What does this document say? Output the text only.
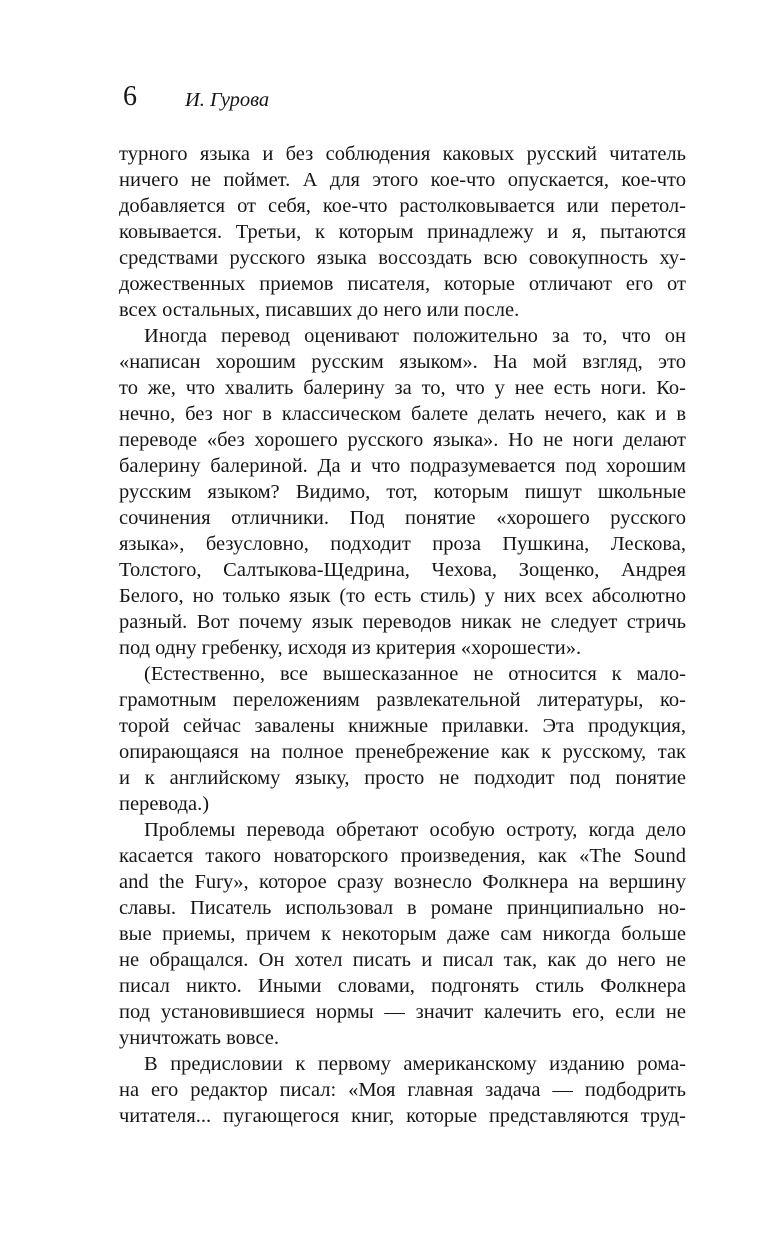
6 И. Гурова
турного языка и без соблюдения каковых русский читатель
ничего не поймет. А для этого кое-что опускается, кое-что
добавляется от себя, кое-что растолковывается или перетол-
ковывается. Третьи, к которым принадлежу и я, пытаются
средствами русского языка воссоздать всю совокупность ху-
дожественных приемов писателя, которые отличают его от
всех остальных, писавших до него или после.
Иногда перевод оценивают положительно за то, что он
«написан хорошим русским языком». На мой взгляд, это
то же, что хвалить балерину за то, что у нее есть ноги. Ко-
нечно, без ног в классическом балете делать нечего, как и в
переводе «без хорошего русского языка». Но не ноги делают
балерину балериной. Да и что подразумевается под хорошим
русским языком? Видимо, тот, которым пишут школьные
сочинения отличники. Под понятие «хорошего русского
языка», безусловно, подходит проза Пушкина, Лескова,
Толстого, Салтыкова-Щедрина, Чехова, Зощенко, Андрея
Белого, но только язык (то есть стиль) у них всех абсолютно
разный. Вот почему язык переводов никак не следует стричь
под одну гребенку, исходя из критерия «хорошести».
(Естественно, все вышесказанное не относится к мало-
грамотным переложениям развлекательной литературы, ко-
торой сейчас завалены книжные прилавки. Эта продукция,
опирающаяся на полное пренебрежение как к русскому, так
и к английскому языку, просто не подходит под понятие
перевода.)
Проблемы перевода обретают особую остроту, когда дело
касается такого новаторского произведения, как «The Sound
and the Fury», которое сразу вознесло Фолкнера на вершину
славы. Писатель использовал в романе принципиально но-
вые приемы, причем к некоторым даже сам никогда больше
не обращался. Он хотел писать и писал так, как до него не
писал никто. Иными словами, подгонять стиль Фолкнера
под установившиеся нормы — значит калечить его, если не
уничтожать вовсе.
В предисловии к первому американскому изданию рома-
на его редактор писал: «Моя главная задача — подбодрить
читателя... пугающегося книг, которые представляются труд-
